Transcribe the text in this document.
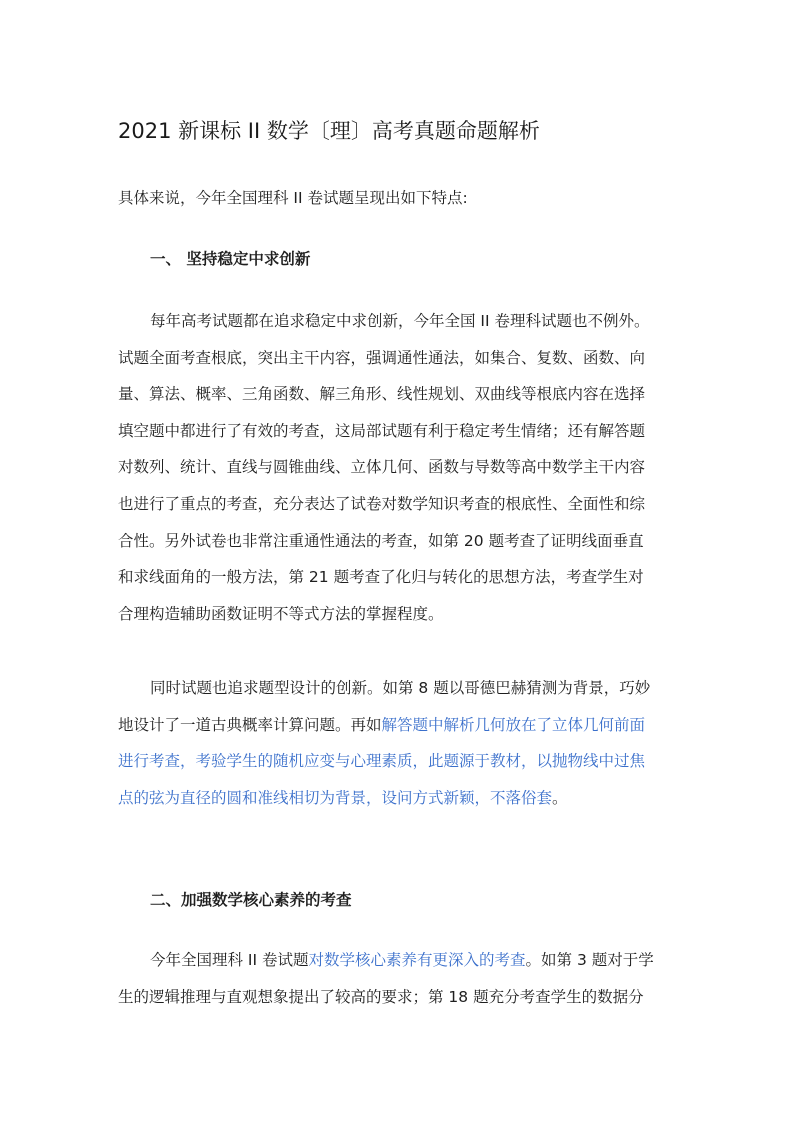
2021 新课标 II 数学〔理〕高考真题命题解析
具体来说，今年全国理科 II 卷试题呈现出如下特点:
一、 坚持稳定中求创新
每年高考试题都在追求稳定中求创新，今年全国 II 卷理科试题也不例外。
试题全面考查根底，突出主干内容，强调通性通法，如集合、复数、函数、向
量、算法、概率、三角函数、解三角形、线性规划、双曲线等根底内容在选择
填空题中都进行了有效的考查，这局部试题有利于稳定考生情绪；还有解答题
对数列、统计、直线与圆锥曲线、立体几何、函数与导数等高中数学主干内容
也进行了重点的考查，充分表达了试卷对数学知识考查的根底性、全面性和综
合性。另外试卷也非常注重通性通法的考查，如第 20 题考查了证明线面垂直
和求线面角的一般方法，第 21 题考查了化归与转化的思想方法，考查学生对
合理构造辅助函数证明不等式方法的掌握程度。
同时试题也追求题型设计的创新。如第 8 题以哥德巴赫猜测为背景，巧妙
地设计了一道古典概率计算问题。再如解答题中解析几何放在了立体几何前面
进行考查，考验学生的随机应变与心理素质，此题源于教材，以抛物线中过焦
点的弦为直径的圆和准线相切为背景，设问方式新颖，不落俗套。
二、加强数学核心素养的考查
今年全国理科 II 卷试题对数学核心素养有更深入的考查。如第 3 题对于学
生的逻辑推理与直观想象提出了较高的要求；第 18 题充分考查学生的数据分
